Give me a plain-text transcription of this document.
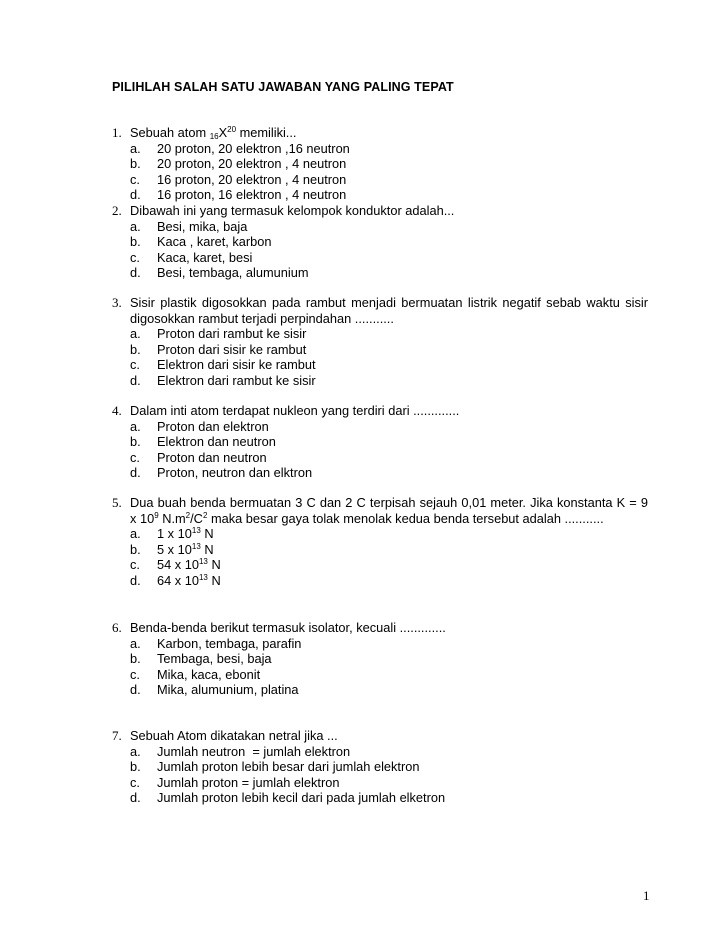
PILIHLAH SALAH SATU JAWABAN YANG PALING TEPAT
1. Sebuah atom $_{16}X^{20}$ memiliki...
a. 20 proton, 20 elektron ,16 neutron
b. 20 proton, 20 elektron , 4 neutron
c. 16 proton, 20 elektron , 4 neutron
d. 16 proton, 16 elektron , 4 neutron
2. Dibawah ini yang termasuk kelompok konduktor adalah...
a. Besi, mika, baja
b. Kaca , karet, karbon
c. Kaca, karet, besi
d. Besi, tembaga, alumunium
3. Sisir plastik digosokkan pada rambut menjadi bermuatan listrik negatif sebab waktu sisir digosokkan rambut terjadi perpindahan ...........
a. Proton dari rambut ke sisir
b. Proton dari sisir ke rambut
c. Elektron dari sisir ke rambut
d. Elektron dari rambut ke sisir
4. Dalam inti atom terdapat nukleon yang terdiri dari .............
a. Proton dan elektron
b. Elektron dan neutron
c. Proton dan neutron
d. Proton, neutron dan elktron
5. Dua buah benda bermuatan 3 C dan 2 C terpisah sejauh 0,01 meter. Jika konstanta K = 9 x $10^9$ $N.m^2/C^2$ maka besar gaya tolak menolak kedua benda tersebut adalah ...........
a. 1 x $10^{13}$ N
b. 5 x $10^{13}$ N
c. 54 x $10^{13}$ N
d. 64 x $10^{13}$ N
6. Benda-benda berikut termasuk isolator, kecuali .............
a. Karbon, tembaga, parafin
b. Tembaga, besi, baja
c. Mika, kaca, ebonit
d. Mika, alumunium, platina
7. Sebuah Atom dikatakan netral jika ...
a. Jumlah neutron  = jumlah elektron
b. Jumlah proton lebih besar dari jumlah elektron
c. Jumlah proton = jumlah elektron
d. Jumlah proton lebih kecil dari pada jumlah elketron
1
